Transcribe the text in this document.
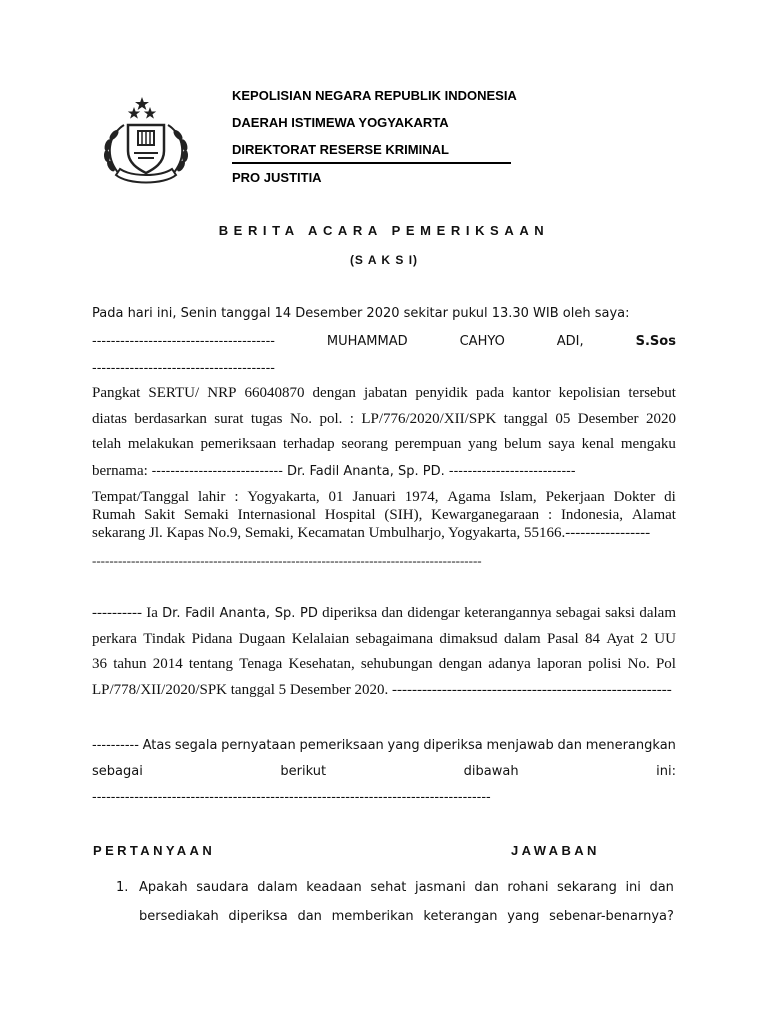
KEPOLISIAN NEGARA REPUBLIK INDONESIA
DAERAH ISTIMEWA YOGYAKARTA
DIREKTORAT RESERSE KRIMINAL
PRO JUSTITIA
BERITA ACARA PEMERIKSAAN
(S A K S I)
Pada hari ini, Senin tanggal 14 Desember 2020 sekitar pukul 13.30 WIB oleh saya:
---------------------------------------	MUHAMMAD	CAHYO	ADI,	S.Sos
---------------------------------------
Pangkat SERTU/ NRP 66040870 dengan jabatan penyidik pada kantor kepolisian tersebut
diatas berdasarkan surat tugas No. pol. : LP/776/2020/XII/SPK tanggal 05 Desember 2020
telah melakukan pemeriksaan terhadap seorang perempuan yang belum saya kenal mengaku
bernama: ---------------------------- Dr. Fadil Ananta, Sp. PD. ---------------------------
Tempat/Tanggal lahir : Yogyakarta, 01 Januari 1974, Agama Islam, Pekerjaan Dokter di
Rumah Sakit Semaki Internasional Hospital (SIH), Kewarganegaraan : Indonesia, Alamat
sekarang Jl. Kapas No.9, Semaki, Kecamatan Umbulharjo, Yogyakarta, 55166.-----------------
------------------------------------------------------------------------------------------
---------- Ia Dr. Fadil Ananta, Sp. PD diperiksa dan didengar keterangannya sebagai saksi dalam
perkara Tindak Pidana Dugaan Kelalaian sebagaimana dimaksud dalam Pasal 84 Ayat 2 UU
36 tahun 2014 tentang Tenaga Kesehatan, sehubungan dengan adanya laporan polisi No. Pol
LP/778/XII/2020/SPK tanggal 5 Desember 2020. --------------------------------------------------------
---------- Atas segala pernyataan pemeriksaan yang diperiksa menjawab dan menerangkan
sebagai	berikut	dibawah	ini:
-------------------------------------------------------------------------------------
PERTANYAAN	JAWABAN
1. Apakah saudara dalam keadaan sehat jasmani dan rohani sekarang ini dan
bersediakah diperiksa dan memberikan keterangan yang sebenar-benarnya?
